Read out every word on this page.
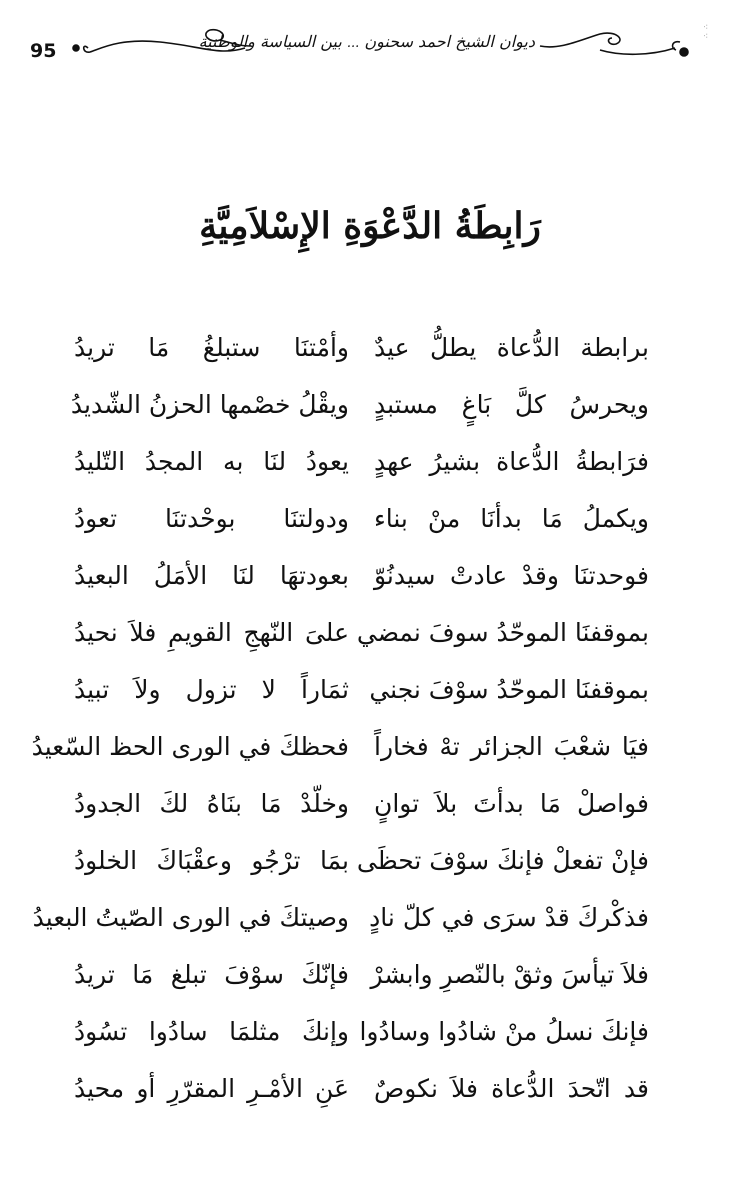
95	ديوان الشيخ احمد سحنون ... بين السياسة والوطنية
⁖
⁖
رَابِطَةُ الدَّعْوَةِ الإِسْلاَمِيَّةِ
برابطة الدُّعاة يطلُّ عيدٌ
وأمْتنَا ستبلغُ مَا تريدُ
ويحرسُ كلَّ بَاغٍ مستبدٍ
ويقْلُ خصْمها الحزنُ الشّديدُ
فرَابطةُ الدُّعاة بشيرُ عهدٍ
يعودُ لنَا به المجدُ التّليدُ
ويكملُ مَا بدأنَا منْ بناء
ودولتنَا بوحْدتنَا تعودُ
فوحدتنَا وقدْ عادتْ سيدنُوّ
بعودتهَا لنَا الأمَلُ البعيدُ
بموقفنَا الموحّدُ سوفَ نمضي
علىَ النّهجِ القويمِ فلاَ نحيدُ
بموقفنَا الموحّدُ سوْفَ نجني
ثمَاراً لا تزول ولاَ تبيدُ
فيَا شعْبَ الجزائر تهْ فخاراً
فحظكَ في الورى الحظ السّعيدُ
فواصلْ مَا بدأتَ بلاَ توانٍ
وخلّدْ مَا بنَاهُ لكَ الجدودُ
فإنْ تفعلْ فإنكَ سوْفَ تحظَى
بمَا ترْجُو وعقْبَاكَ الخلودُ
فذكْركَ قدْ سرَى في كلّ نادٍ
وصيتكَ في الورى الصّيتُ البعيدُ
فلاَ تيأسَ وثقْ بالنّصرِ وابشرْ
فإنّكَ سوْفَ تبلغ مَا تريدُ
فإنكَ نسلُ منْ شادُوا وسادُوا
وإنكَ مثلمَا سادُوا تسُودُ
قد اتّحدَ الدُّعاة فلاَ نكوصٌ
عَنِ الأمْـرِ المقرّرِ أو محيدُ
